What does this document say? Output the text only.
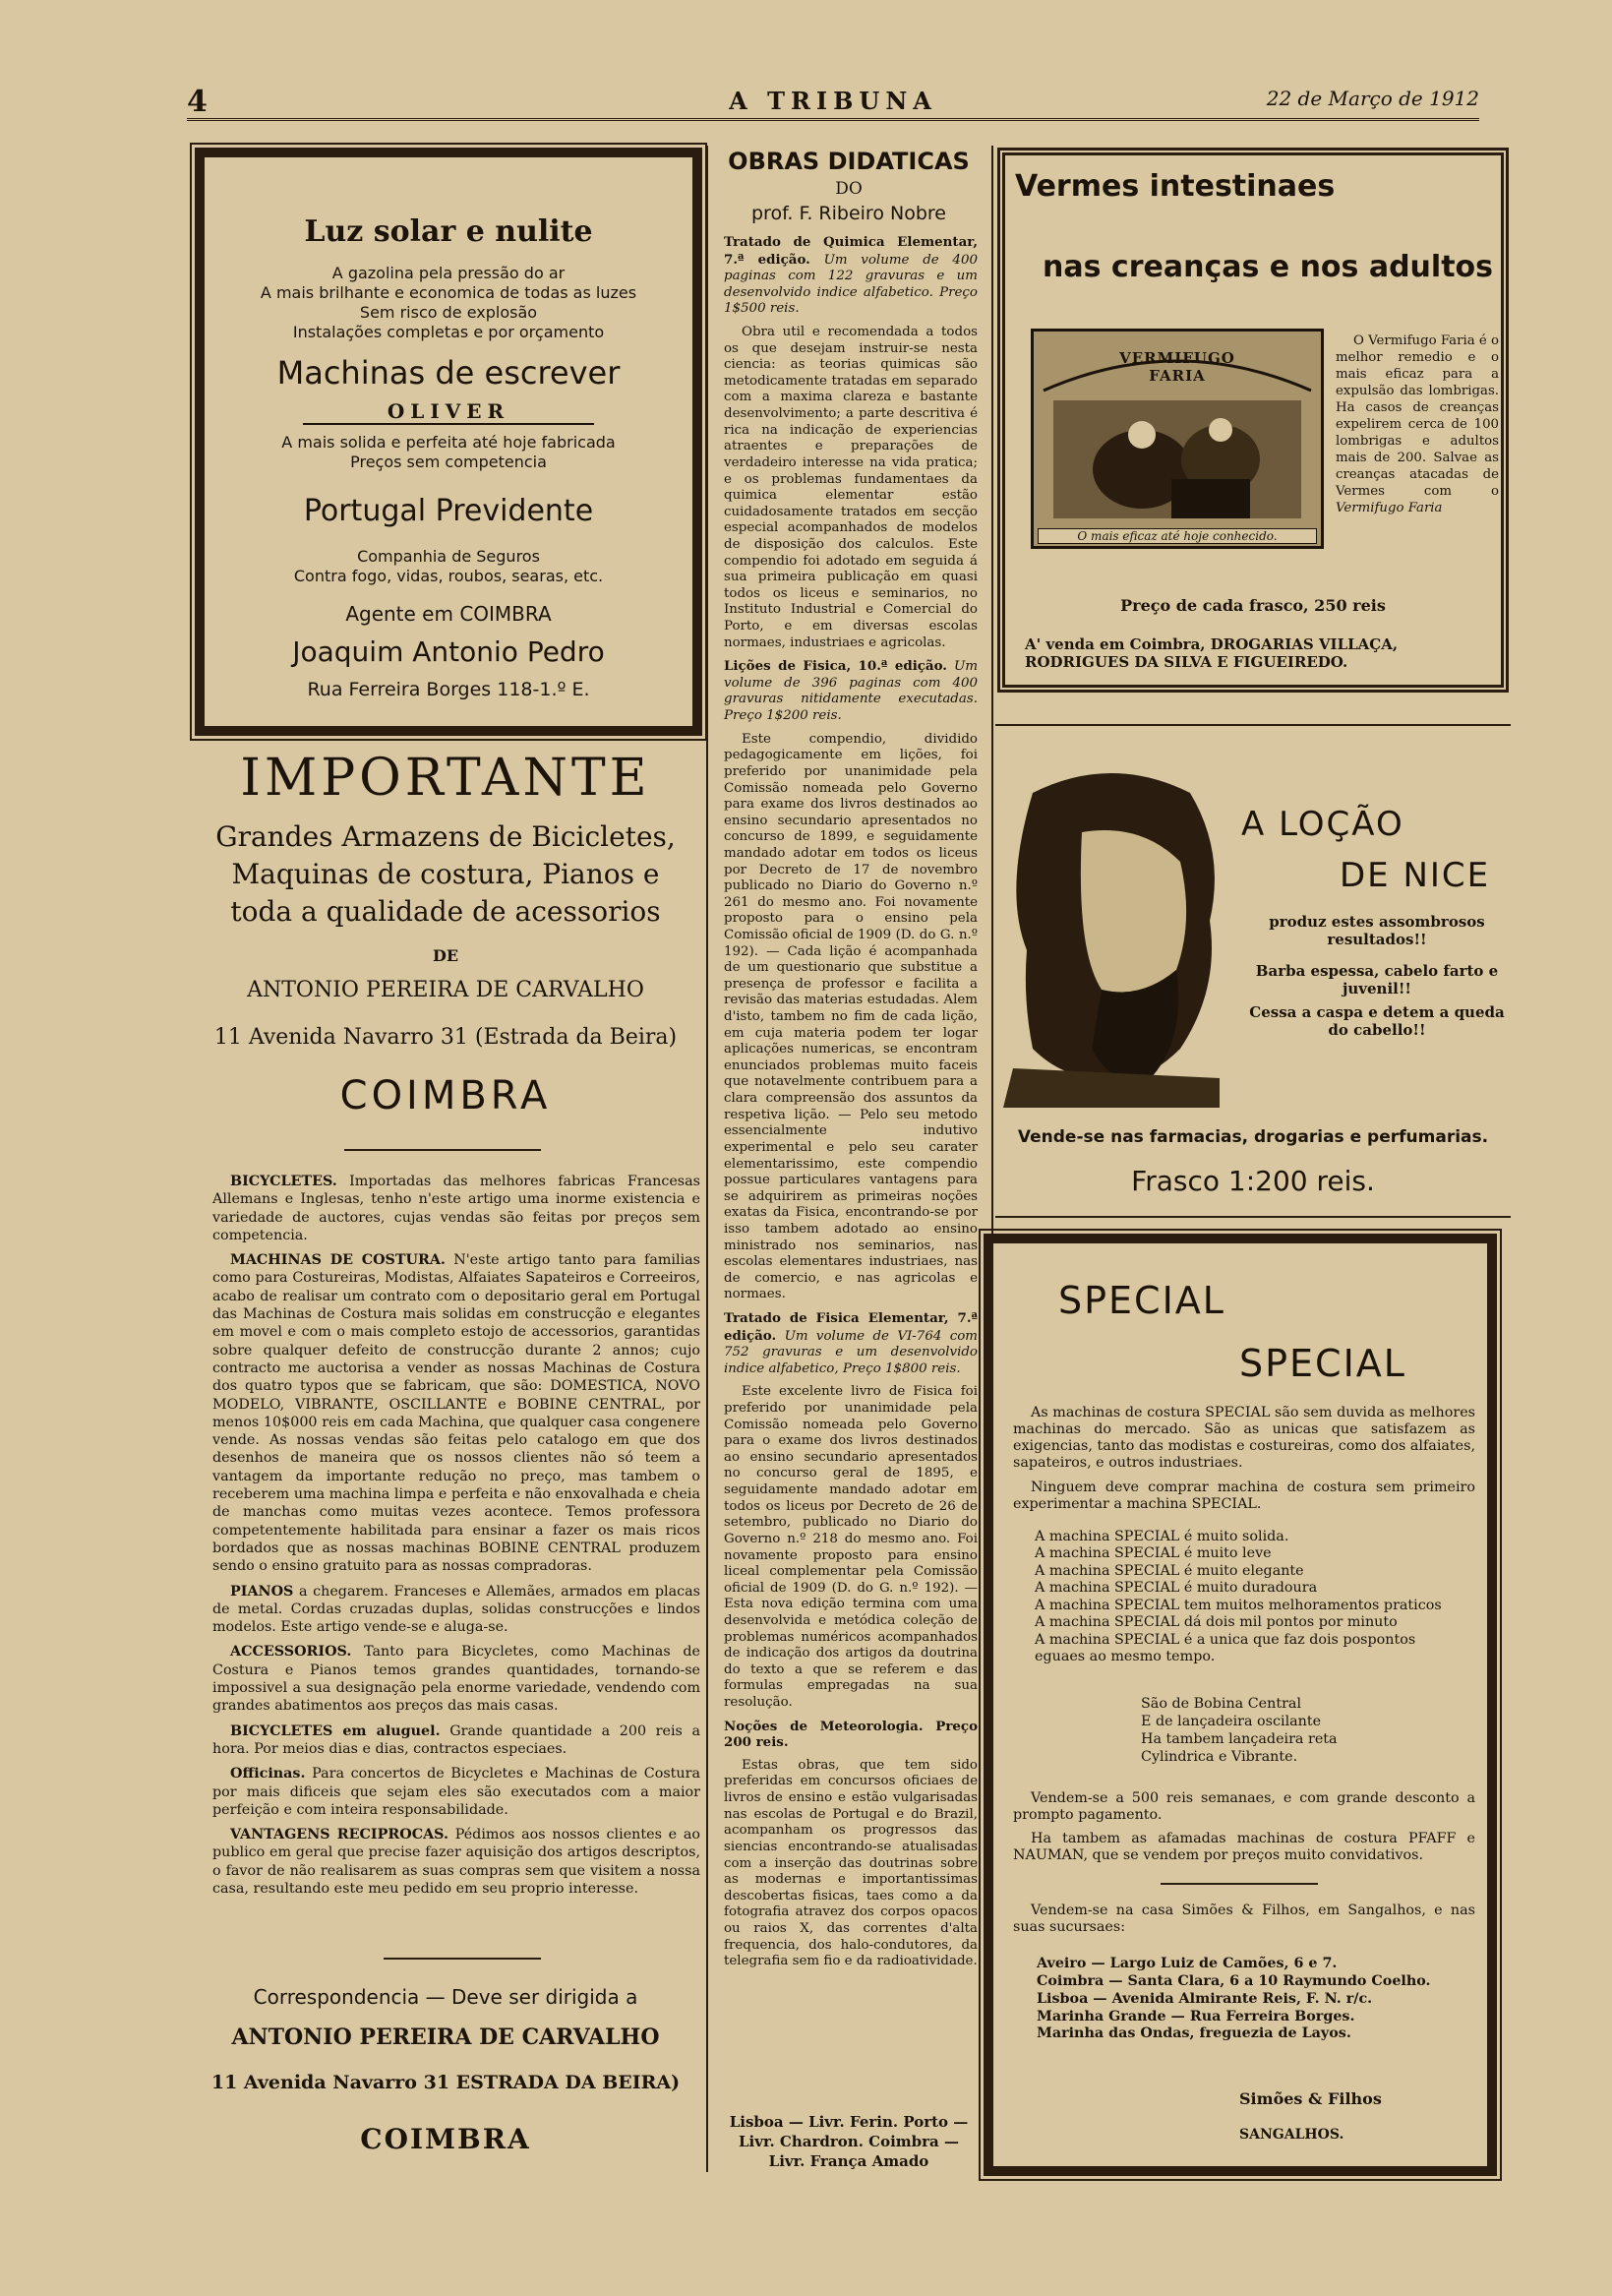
4	A TRIBUNA	22 de Março de 1912
Luz solar e nulite
A gazolina pela pressão do ar
A mais brilhante e economica de todas as luzes
Sem risco de explosão
Instalações completas e por orçamento
Machinas de escrever
OLIVER
A mais solida e perfeita até hoje fabricada
Preços sem competencia
Portugal Previdente
Companhia de Seguros
Contra fogo, vidas, roubos, searas, etc.
Agente em COIMBRA
Joaquim Antonio Pedro
Rua Ferreira Borges 118-1.º E.
IMPORTANTE
Grandes Armazens de Bicicletes,
Maquinas de costura, Pianos e
toda a qualidade de acessorios
DE
ANTONIO PEREIRA DE CARVALHO
11 Avenida Navarro 31 (Estrada da Beira)
COIMBRA

BICYCLETES. Importadas das melhores fabricas Francesas Allemans e Inglesas, tenho n'este artigo uma inorme existencia e variedade de auctores, cujas vendas são feitas por preços sem competencia.

MACHINAS DE COSTURA. N'este artigo tanto para familias como para Costureiras, Modistas, Alfaiates Sapateiros e Correeiros, acabo de realisar um contrato com o depositario geral em Portugal das Machinas de Costura mais solidas em construcção e elegantes em movel e com o mais completo estojo de accessorios, garantidas sobre qualquer defeito de construcção durante 2 annos; cujo contracto me auctorisa a vender as nossas Machinas de Costura dos quatro typos que se fabricam, que são: DOMESTICA, NOVO MODELO, VIBRANTE, OSCILLANTE e BOBINE CENTRAL, por menos 10$000 reis em cada Machina, que qualquer casa congenere vende. As nossas vendas são feitas pelo catalogo em que dos desenhos de maneira que os nossos clientes não só teem a vantagem da importante redução no preço, mas tambem o receberem uma machina limpa e perfeita e não enxovalhada e cheia de manchas como muitas vezes acontece. Temos professora competentemente habilitada para ensinar a fazer os mais ricos bordados que as nossas machinas BOBINE CENTRAL produzem sendo o ensino gratuito para as nossas compradoras.

PIANOS a chegarem. Franceses e Allemães, armados em placas de metal. Cordas cruzadas duplas, solidas construcções e lindos modelos. Este artigo vende-se e aluga-se.

ACCESSORIOS. Tanto para Bicycletes, como Machinas de Costura e Pianos temos grandes quantidades, tornando-se impossivel a sua designação pela enorme variedade, vendendo com grandes abatimentos aos preços das mais casas.

BICYCLETES em aluguel. Grande quantidade a 200 reis a hora. Por meios dias e dias, contractos especiaes.

Officinas. Para concertos de Bicycletes e Machinas de Costura por mais dificeis que sejam eles são executados com a maior perfeição e com inteira responsabilidade.

VANTAGENS RECIPROCAS. Pédimos aos nossos clientes e ao publico em geral que precise fazer aquisição dos artigos descriptos, o favor de não realisarem as suas compras sem que visitem a nossa casa, resultando este meu pedido em seu proprio interesse.

Correspondencia — Deve ser dirigida a
ANTONIO PEREIRA DE CARVALHO
11 Avenida Navarro 31 ESTRADA DA BEIRA)
COIMBRA
OBRAS DIDATICAS
DO
prof. F. Ribeiro Nobre

Tratado de Quimica Elementar, 7.ª edição. Um volume de 400 paginas com 122 gravuras e um desenvolvido indice alfabetico. Preço 1$500 reis.

Obra util e recomendada a todos os que desejam instruir-se nesta ciencia: as teorias quimicas são metodicamente tratadas em separado com a maxima clareza e bastante desenvolvimento; a parte descritiva é rica na indicação de experiencias atraentes e preparações de verdadeiro interesse na vida pratica; e os problemas fundamentaes da quimica elementar estão cuidadosamente tratados em secção especial acompanhados de modelos de disposição dos calculos. Este compendio foi adotado em seguida á sua primeira publicação em quasi todos os liceus e seminarios, no Instituto Industrial e Comercial do Porto, e em diversas escolas normaes, industriaes e agricolas.

Lições de Fisica, 10.ª edição. Um volume de 396 paginas com 400 gravuras nitidamente executadas. Preço 1$200 reis.

Este compendio, dividido pedagogicamente em lições, foi preferido por unanimidade pela Comissão nomeada pelo Governo para exame dos livros destinados ao ensino secundario apresentados no concurso de 1899, e seguidamente mandado adotar em todos os liceus por Decreto de 17 de novembro publicado no Diario do Governo n.º 261 do mesmo ano. Foi novamente proposto para o ensino pela Comissão oficial de 1909 (D. do G. n.º 192). — Cada lição é acompanhada de um questionario que substitue a presença de professor e facilita a revisão das materias estudadas. Alem d'isto, tambem no fim de cada lição, em cuja materia podem ter logar aplicações numericas, se encontram enunciados problemas muito faceis que notavelmente contribuem para a clara compreensão dos assuntos da respetiva lição. — Pelo seu metodo essencialmente indutivo experimental e pelo seu carater elementarissimo, este compendio possue particulares vantagens para se adquirirem as primeiras noções exatas da Fisica, encontrando-se por isso tambem adotado ao ensino ministrado nos seminarios, nas escolas elementares industriaes, nas de comercio, e nas agricolas e normaes.

Tratado de Fisica Elementar, 7.ª edição. Um volume de VI-764 com 752 gravuras e um desenvolvido indice alfabetico, Preço 1$800 reis.

Este excelente livro de Fisica foi preferido por unanimidade pela Comissão nomeada pelo Governo para o exame dos livros destinados ao ensino secundario apresentados no concurso geral de 1895, e seguidamente mandado adotar em todos os liceus por Decreto de 26 de setembro, publicado no Diario do Governo n.º 218 do mesmo ano. Foi novamente proposto para ensino liceal complementar pela Comissão oficial de 1909 (D. do G. n.º 192). — Esta nova edição termina com uma desenvolvida e metódica coleção de problemas numéricos acompanhados de indicação dos artigos da doutrina do texto a que se referem e das formulas empregadas na sua resolução.

Noções de Meteorologia. Preço 200 reis.

Estas obras, que tem sido preferidas em concursos oficiaes de livros de ensino e estão vulgarisadas nas escolas de Portugal e do Brazil, acompanham os progressos das siencias encontrando-se atualisadas com a inserção das doutrinas sobre as modernas e importantissimas descobertas fisicas, taes como a da fotografia atravez dos corpos opacos ou raios X, das correntes d'alta frequencia, dos halo-condutores, da telegrafia sem fio e da radioatividade.

Lisboa — Livr. Ferin. Porto —
Livr. Chardron. Coimbra —
Livr. França Amado
Vermes intestinaes
nas creanças e nos adultos
VERMIFUGO FARIA
O mais eficaz até hoje conhecido.

O Vermifugo Faria é o melhor remedio e o mais eficaz para a expulsão das lombrigas. Ha casos de creanças expelirem cerca de 100 lombrigas e adultos mais de 200. Salvae as creanças atacadas de Vermes com o Vermifugo Faria

Preço de cada frasco, 250 reis
A' venda em Coimbra, DROGARIAS VILLAÇA, RODRIGUES DA SILVA E FIGUEIREDO.
A LOÇÃO
DE NICE
produz estes assombrosos resultados!!
Barba espessa, cabelo farto e juvenil!!
Cessa a caspa e detem a queda do cabello!!
Vende-se nas farmacias, drogarias e perfumarias.
Frasco 1:200 reis.
SPECIAL
SPECIAL

As machinas de costura SPECIAL são sem duvida as melhores machinas do mercado. São as unicas que satisfazem as exigencias, tanto das modistas e costureiras, como dos alfaiates, sapateiros, e outros industriaes.

Ninguem deve comprar machina de costura sem primeiro experimentar a machina SPECIAL.

A machina SPECIAL é muito solida.
A machina SPECIAL é muito leve
A machina SPECIAL é muito elegante
A machina SPECIAL é muito duradoura
A machina SPECIAL tem muitos melhoramentos praticos
A machina SPECIAL dá dois mil pontos por minuto
A machina SPECIAL é a unica que faz dois pospontos eguaes ao mesmo tempo.
São de Bobina Central
E de lançadeira oscilante
Ha tambem lançadeira reta
Cylindrica e Vibrante.

Vendem-se a 500 reis semanaes, e com grande desconto a prompto pagamento.

Ha tambem as afamadas machinas de costura PFAFF e NAUMAN, que se vendem por preços muito convidativos.

Vendem-se na casa Simões & Filhos, em Sangalhos, e nas suas sucursaes:

Aveiro — Largo Luiz de Camões, 6 e 7.
Coimbra — Santa Clara, 6 a 10 Raymundo Coelho.
Lisboa — Avenida Almirante Reis, F. N. r/c.
Marinha Grande — Rua Ferreira Borges.
Marinha das Ondas, freguezia de Layos.
Simões & Filhos
SANGALHOS.
